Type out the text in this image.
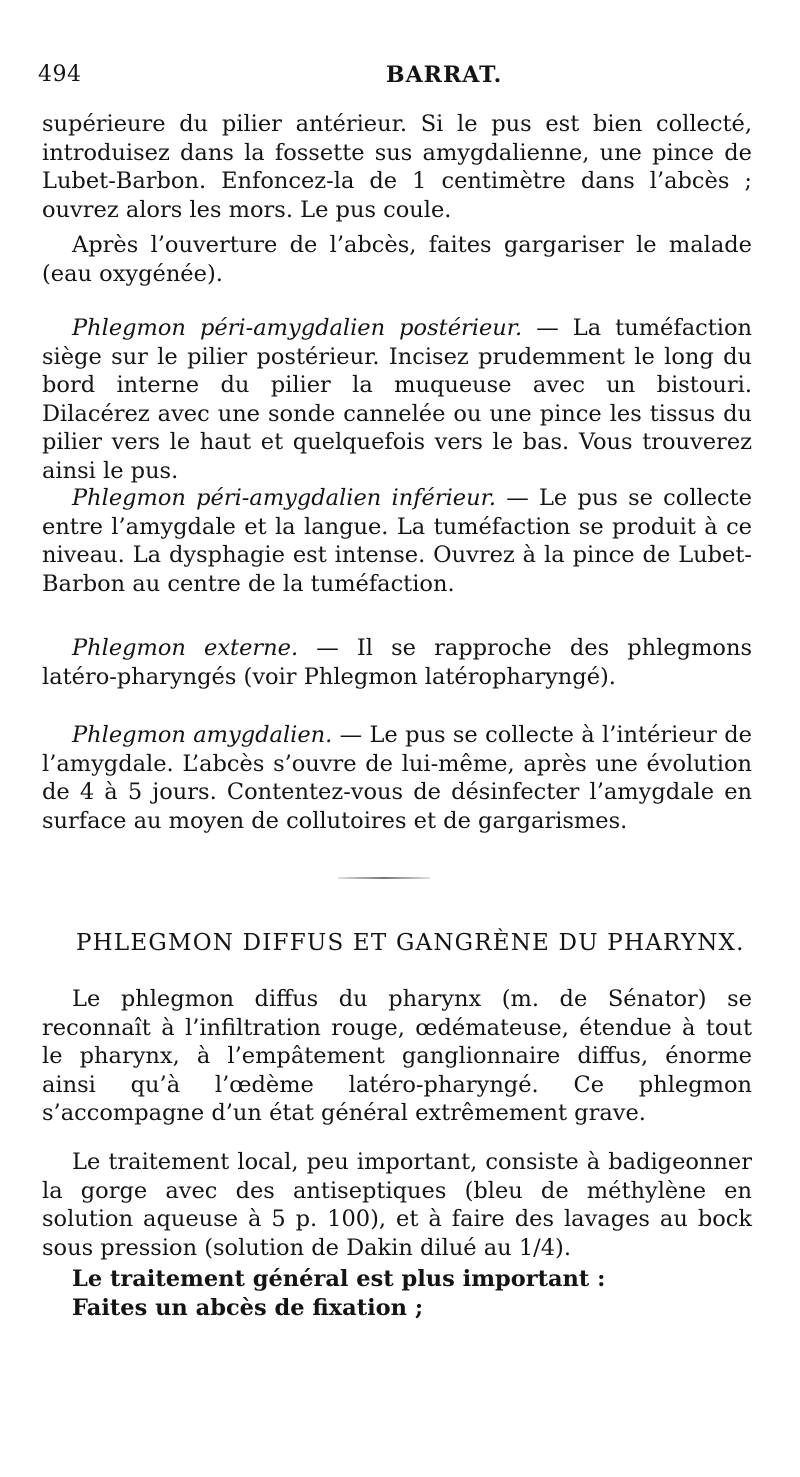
494	BARRAT.

supérieure du pilier antérieur. Si le pus est bien collecté, introduisez dans la fossette sus amygdalienne, une pince de Lubet-Barbon. Enfoncez-la de 1 centimètre dans l’abcès ; ouvrez alors les mors. Le pus coule.

Après l’ouverture de l’abcès, faites gargariser le malade (eau oxygénée).

Phlegmon péri-amygdalien postérieur. — La tuméfaction siège sur le pilier postérieur. Incisez prudemment le long du bord interne du pilier la muqueuse avec un bistouri. Dilacérez avec une sonde cannelée ou une pince les tissus du pilier vers le haut et quelquefois vers le bas. Vous trouverez ainsi le pus.

Phlegmon péri-amygdalien inférieur. — Le pus se collecte entre l’amygdale et la langue. La tuméfaction se produit à ce niveau. La dysphagie est intense. Ouvrez à la pince de Lubet-Barbon au centre de la tuméfaction.

Phlegmon externe. — Il se rapproche des phlegmons latéro-pharyngés (voir Phlegmon latéropharyngé).

Phlegmon amygdalien. — Le pus se collecte à l’intérieur de l’amygdale. L’abcès s’ouvre de lui-même, après une évolution de 4 à 5 jours. Contentez-vous de désinfecter l’amygdale en surface au moyen de collutoires et de gargarismes.

PHLEGMON DIFFUS ET GANGRÈNE DU PHARYNX.

Le phlegmon diffus du pharynx (m. de Sénator) se reconnaît à l’infiltration rouge, œdémateuse, étendue à tout le pharynx, à l’empâtement ganglionnaire diffus, énorme ainsi qu’à l’œdème latéro-pharyngé. Ce phlegmon s’accompagne d’un état général extrêmement grave.

Le traitement local, peu important, consiste à badigeonner la gorge avec des antiseptiques (bleu de méthylène en solution aqueuse à 5 p. 100), et à faire des lavages au bock sous pression (solution de Dakin dilué au 1/4).

Le traitement général est plus important :

Faites un abcès de fixation ;
